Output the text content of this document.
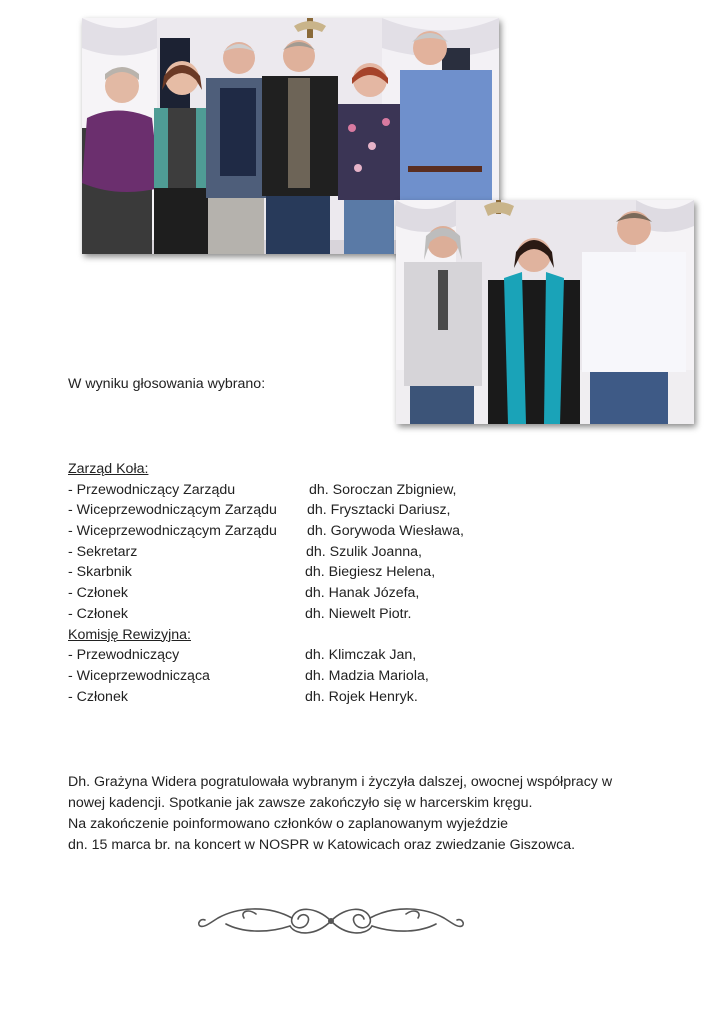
W wyniku głosowania wybrano:
Zarząd Koła:
- Przewodniczący Zarządu	dh. Soroczan Zbigniew,
- Wiceprzewodniczącym Zarządu dh. Frysztacki Dariusz,
- Wiceprzewodniczącym Zarządu dh. Gorywoda Wiesława,
- Sekretarz	dh. Szulik Joanna,
- Skarbnik	dh. Biegiesz Helena,
- Członek	dh. Hanak Józefa,
- Członek	dh. Niewelt Piotr.
Komisję Rewizyjna:
- Przewodniczący	dh. Klimczak Jan,
- Wiceprzewodnicząca	dh. Madzia Mariola,
- Członek	dh. Rojek Henryk.
Dh. Grażyna Widera pogratulowała wybranym i życzyła dalszej, owocnej współpracy w
nowej kadencji. Spotkanie jak zawsze zakończyło się w harcerskim kręgu.
Na zakończenie poinformowano członków o zaplanowanym wyjeździe
dn. 15 marca br. na koncert w NOSPR w Katowicach oraz zwiedzanie Giszowca.
